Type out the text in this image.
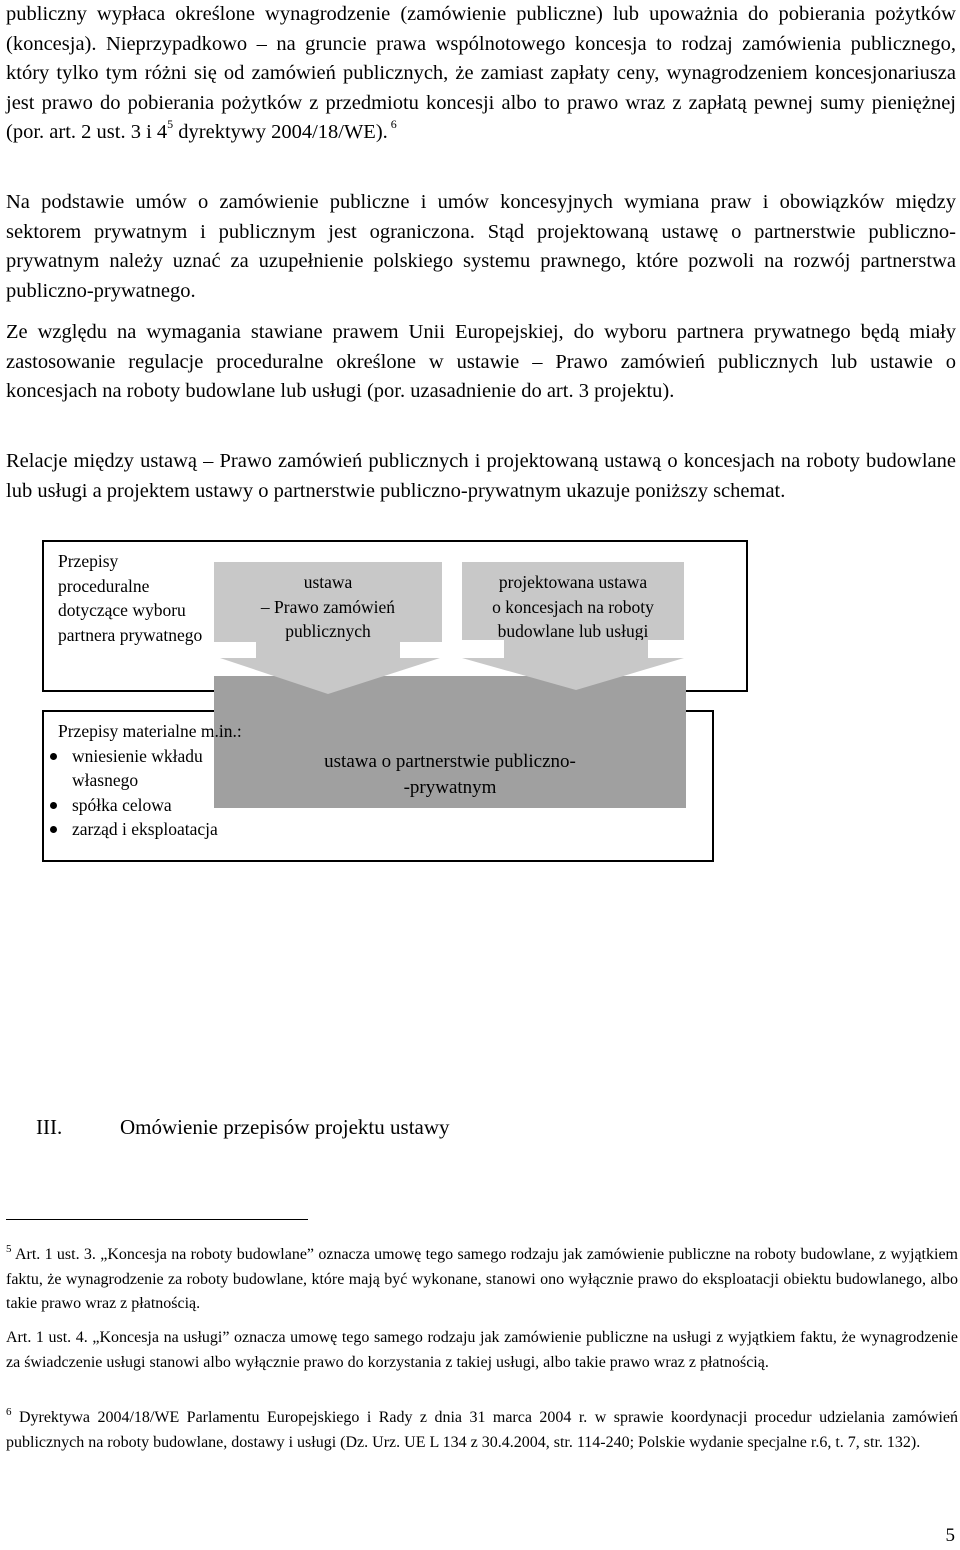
publiczny wypłaca określone wynagrodzenie (zamówienie publiczne) lub upoważnia do pobierania pożytków (koncesja). Nieprzypadkowo – na gruncie prawa wspólnotowego koncesja to rodzaj zamówienia publicznego, który tylko tym różni się od zamówień publicznych, że zamiast zapłaty ceny, wynagrodzeniem koncesjonariusza jest prawo do pobierania pożytków z przedmiotu koncesji albo to prawo wraz z zapłatą pewnej sumy pieniężnej (por. art. 2 ust. 3 i $4^5$ dyrektywy 2004/18/WE). $^6$

Na podstawie umów o zamówienie publiczne i umów koncesyjnych wymiana praw i obowiązków między sektorem prywatnym i publicznym jest ograniczona. Stąd projektowaną ustawę o partnerstwie publiczno-prywatnym należy uznać za uzupełnienie polskiego systemu prawnego, które pozwoli na rozwój partnerstwa publiczno-prywatnego.

Ze względu na wymagania stawiane prawem Unii Europejskiej, do wyboru partnera prywatnego będą miały zastosowanie regulacje proceduralne określone w ustawie – Prawo zamówień publicznych lub ustawie o koncesjach na roboty budowlane lub usługi (por. uzasadnienie do art. 3 projektu).

Relacje między ustawą – Prawo zamówień publicznych i projektowaną ustawą o koncesjach na roboty budowlane lub usługi a projektem ustawy o partnerstwie publiczno-prywatnym ukazuje poniższy schemat.

Przepisy proceduralne dotyczące wyboru partnera prywatnego
ustawa
– Prawo zamówień
publicznych
projektowana ustawa
o koncesjach na roboty
budowlane lub usługi
Przepisy materialne m.in.:
wniesienie wkładu własnego
spółka celowa
zarząd i eksploatacja
ustawa o partnerstwie publiczno-
-prywatnym
III.	Omówienie przepisów projektu ustawy

$^5$ Art. 1 ust. 3. „Koncesja na roboty budowlane” oznacza umowę tego samego rodzaju jak zamówienie publiczne na roboty budowlane, z wyjątkiem faktu, że wynagrodzenie za roboty budowlane, które mają być wykonane, stanowi ono wyłącznie prawo do eksploatacji obiektu budowlanego, albo takie prawo wraz z płatnością.

Art. 1 ust. 4. „Koncesja na usługi” oznacza umowę tego samego rodzaju jak zamówienie publiczne na usługi z wyjątkiem faktu, że wynagrodzenie za świadczenie usługi stanowi albo wyłącznie prawo do korzystania z takiej usługi, albo takie prawo wraz z płatnością.

$^6$ Dyrektywa 2004/18/WE Parlamentu Europejskiego i Rady z dnia 31 marca 2004 r. w sprawie koordynacji procedur udzielania zamówień publicznych na roboty budowlane, dostawy i usługi (Dz. Urz. UE L 134 z 30.4.2004, str. 114-240; Polskie wydanie specjalne r.6, t. 7, str. 132).

5
